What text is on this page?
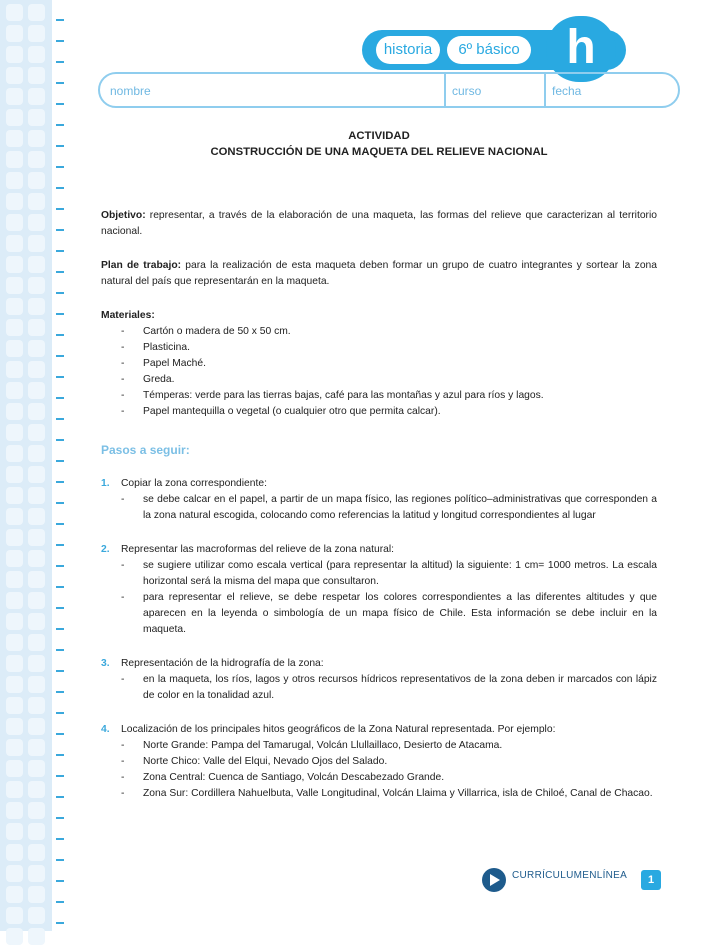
historia	6º básico h
nombre	curso	fecha
ACTIVIDAD
CONSTRUCCIÓN DE UNA MAQUETA DEL RELIEVE NACIONAL

Objetivo: representar, a través de la elaboración de una maqueta, las formas del relieve que caracterizan al territorio nacional.

Plan de trabajo: para la realización de esta maqueta deben formar un grupo de cuatro integrantes y sortear la zona natural del país que representarán en la maqueta.

Materiales:
- Cartón o madera de 50 x 50 cm.
- Plasticina.
- Papel Maché.
- Greda.
- Témperas: verde para las tierras bajas, café para las montañas y azul para ríos y lagos.
- Papel mantequilla o vegetal (o cualquier otro que permita calcar).
Pasos a seguir:
1. Copiar la zona correspondiente:
- se debe calcar en el papel, a partir de un mapa físico, las regiones político–administrativas que corresponden a la zona natural escogida, colocando como referencias la latitud y longitud correspondientes al lugar
2. Representar las macroformas del relieve de la zona natural:
- se sugiere utilizar como escala vertical (para representar la altitud) la siguiente: 1 cm= 1000 metros. La escala horizontal será la misma del mapa que consultaron.
- para representar el relieve, se debe respetar los colores correspondientes a las diferentes altitudes y que aparecen en la leyenda o simbología de un mapa físico de Chile. Esta información se debe incluir en la maqueta.
3. Representación de la hidrografía de la zona:
- en la maqueta, los ríos, lagos y otros recursos hídricos representativos de la zona deben ir marcados con lápiz de color en la tonalidad azul.
4. Localización de los principales hitos geográficos de la Zona Natural representada. Por ejemplo:
- Norte Grande: Pampa del Tamarugal, Volcán Llullaillaco, Desierto de Atacama.
- Norte Chico: Valle del Elqui, Nevado Ojos del Salado.
- Zona Central: Cuenca de Santiago, Volcán Descabezado Grande.
- Zona Sur: Cordillera Nahuelbuta, Valle Longitudinal, Volcán Llaima y Villarrica, isla de Chiloé, Canal de Chacao.
CURRÍCULUMENLÍNEA	1
